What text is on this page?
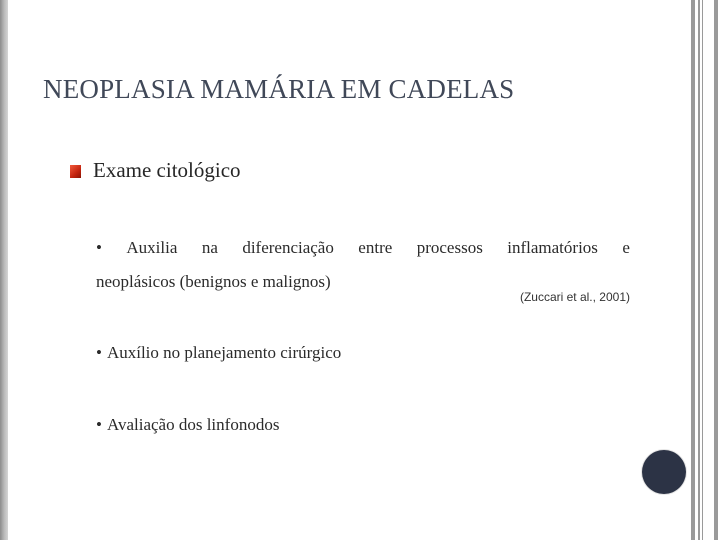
NEOPLASIA MAMÁRIA EM CADELAS
Exame citológico
• Auxilia na diferenciação entre processos inflamatórios e
neoplásicos (benignos e malignos)
(Zuccari et al., 2001)
• Auxílio no planejamento cirúrgico
• Avaliação dos linfonodos
